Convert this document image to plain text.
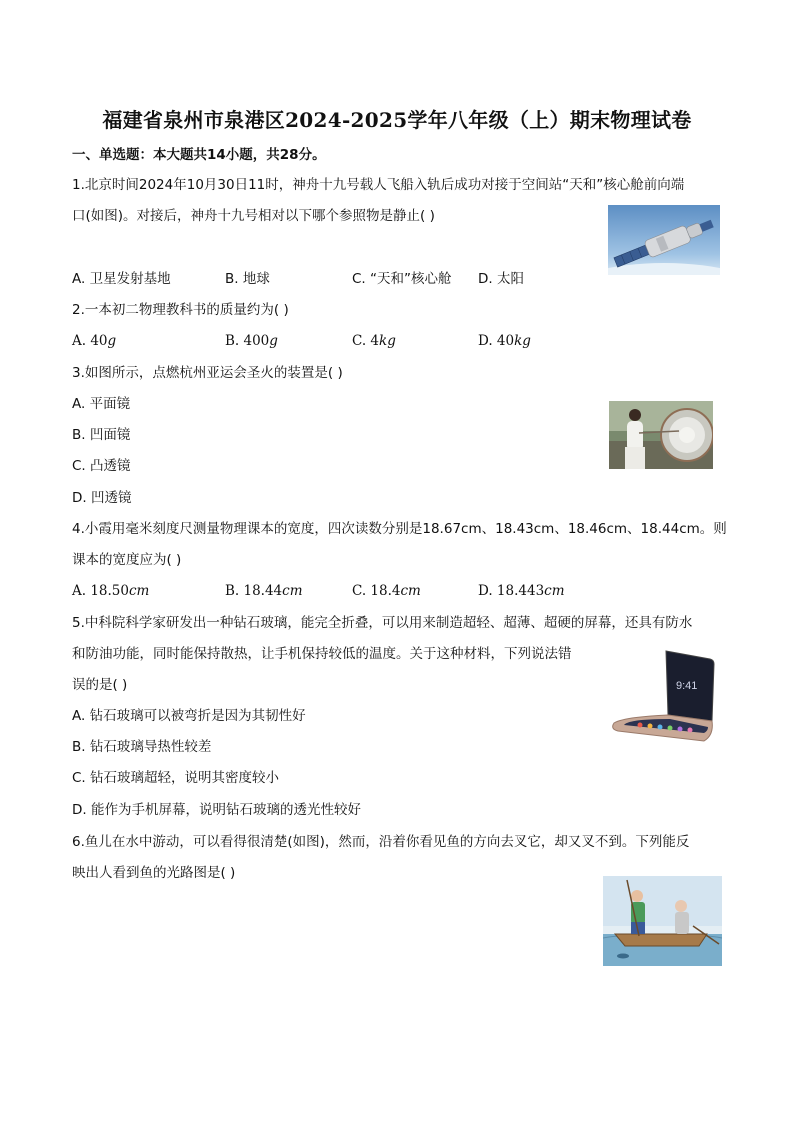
福建省泉州市泉港区2024-2025学年八年级（上）期末物理试卷
一、单选题：本大题共14小题，共28分。
1.北京时间2024年10月30日11时，神舟十九号载人飞船入轨后成功对接于空间站“天和”核心舱前向端
口(如图)。对接后，神舟十九号相对以下哪个参照物是静止( )
A. 卫星发射基地	B. 地球	C. “天和”核心舱 D. 太阳
2.一本初二物理教科书的质量约为( )
A. 40g	B. 400g	C. 4kg	D. 40kg
3.如图所示，点燃杭州亚运会圣火的装置是( )
A. 平面镜
B. 凹面镜
C. 凸透镜
D. 凹透镜
4.小霞用毫米刻度尺测量物理课本的宽度，四次读数分别是18.67cm、18.43cm、18.46cm、18.44cm。则
课本的宽度应为( )
A. 18.50cm	B. 18.44cm	C. 18.4cm	D. 18.443cm
5.中科院科学家研发出一种钻石玻璃，能完全折叠，可以用来制造超轻、超薄、超硬的屏幕，还具有防水
和防油功能，同时能保持散热，让手机保持较低的温度。关于这种材料，下列说法错
误的是( )
A. 钻石玻璃可以被弯折是因为其韧性好
B. 钻石玻璃导热性较差
C. 钻石玻璃超轻，说明其密度较小
D. 能作为手机屏幕，说明钻石玻璃的透光性较好
9:41
6.鱼儿在水中游动，可以看得很清楚(如图)，然而，沿着你看见鱼的方向去叉它，却又叉不到。下列能反
映出人看到鱼的光路图是( )
